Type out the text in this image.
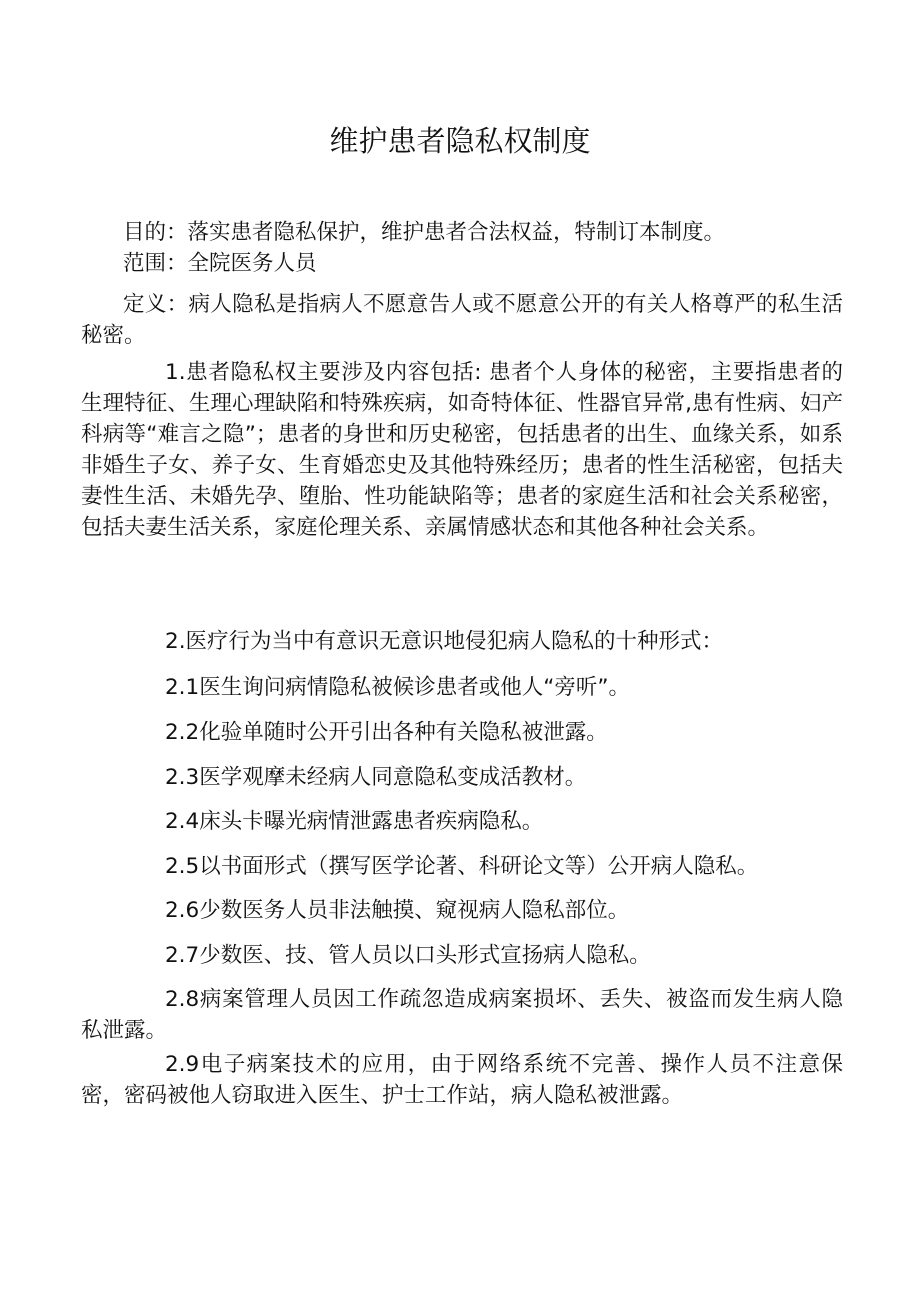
维护患者隐私权制度

目的：落实患者隐私保护，维护患者合法权益，特制订本制度。

范围：全院医务人员

定义：病人隐私是指病人不愿意告人或不愿意公开的有关人格尊严的私生活秘密。

1.患者隐私权主要涉及内容包括: 患者个人身体的秘密，主要指患者的生理特征、生理心理缺陷和特殊疾病，如奇特体征、性器官异常,患有性病、妇产科病等“难言之隐”；患者的身世和历史秘密，包括患者的出生、血缘关系，如系非婚生子女、养子女、生育婚恋史及其他特殊经历；患者的性生活秘密，包括夫妻性生活、未婚先孕、堕胎、性功能缺陷等；患者的家庭生活和社会关系秘密，包括夫妻生活关系，家庭伦理关系、亲属情感状态和其他各种社会关系。

2.医疗行为当中有意识无意识地侵犯病人隐私的十种形式：

2.1医生询问病情隐私被候诊患者或他人“旁听”。

2.2化验单随时公开引出各种有关隐私被泄露。

2.3医学观摩未经病人同意隐私变成活教材。

2.4床头卡曝光病情泄露患者疾病隐私。

2.5以书面形式（撰写医学论著、科研论文等）公开病人隐私。

2.6少数医务人员非法触摸、窥视病人隐私部位。

2.7少数医、技、管人员以口头形式宣扬病人隐私。

2.8病案管理人员因工作疏忽造成病案损坏、丢失、被盗而发生病人隐私泄露。

2.9电子病案技术的应用，由于网络系统不完善、操作人员不注意保密，密码被他人窃取进入医生、护士工作站，病人隐私被泄露。
